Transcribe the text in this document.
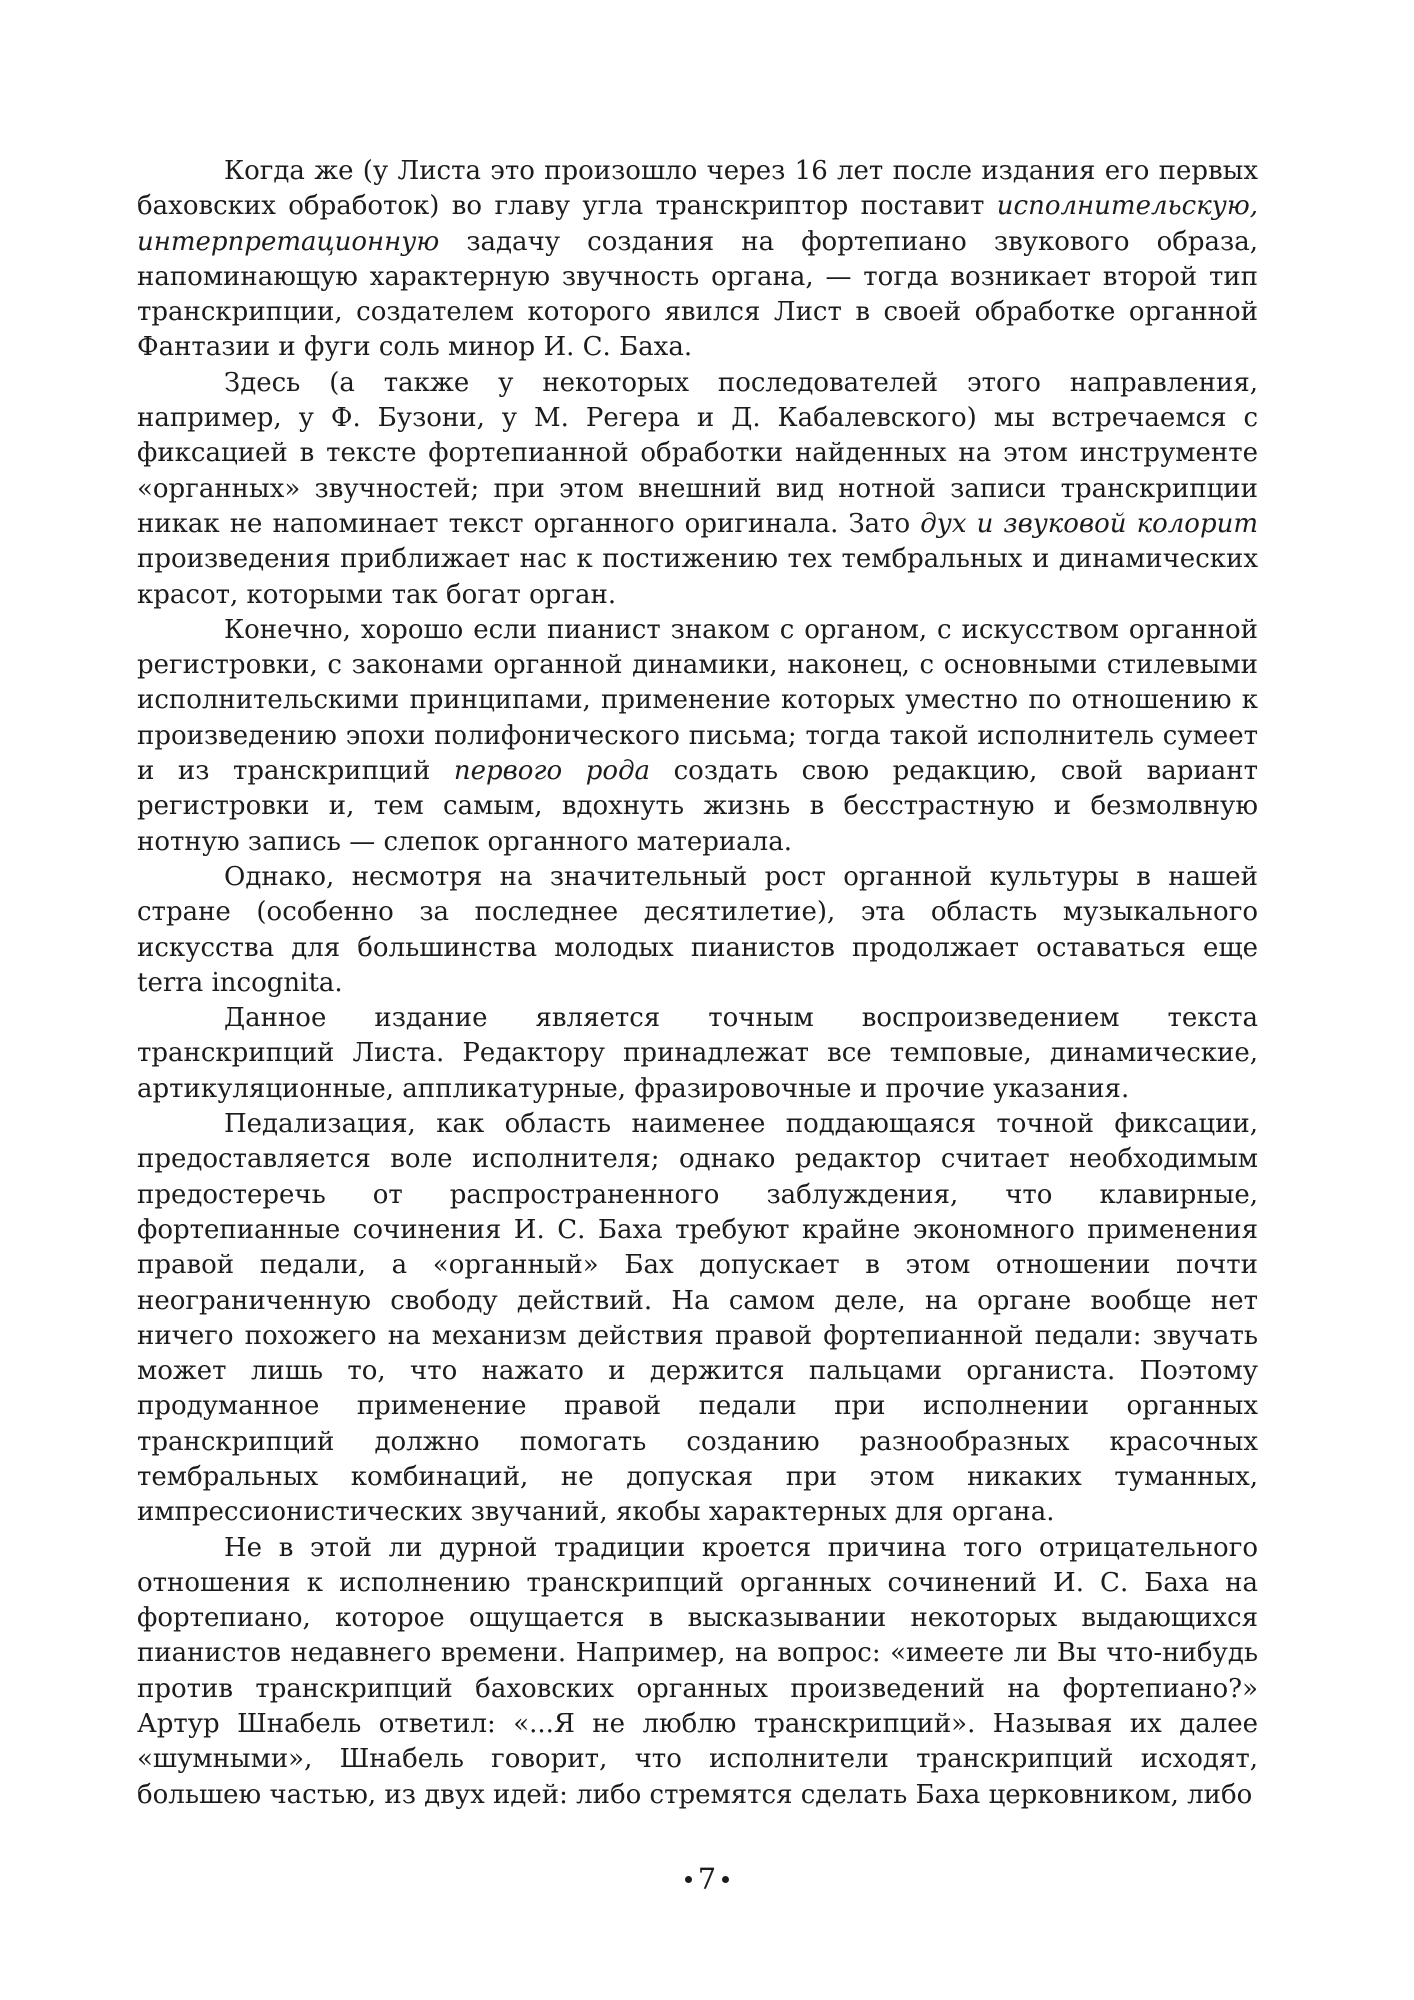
Когда же (у Листа это произошло через 16 лет после издания его первых баховских обработок) во главу угла транскриптор поставит исполнительскую, интерпретационную задачу создания на фортепиано звукового образа, напоминающую характерную звучность органа, — тогда возникает второй тип транскрипции, создателем которого явился Лист в своей обработке органной Фантазии и фуги соль минор И. С. Баха.

Здесь (а также у некоторых последователей этого направления, например, у Ф. Бузони, у М. Регера и Д. Кабалевского) мы встречаемся с фиксацией в тексте фортепианной обработки найденных на этом инструменте «органных» звучностей; при этом внешний вид нотной записи транскрипции никак не напоминает текст органного оригинала. Зато дух и звуковой колорит произведения приближает нас к постижению тех тембральных и динамических красот, которыми так богат орган.

Конечно, хорошо если пианист знаком с органом, с искусством органной регистровки, с законами органной динамики, наконец, с основными стилевыми исполнительскими принципами, применение которых уместно по отношению к произведению эпохи полифонического письма; тогда такой исполнитель сумеет и из транскрипций первого рода создать свою редакцию, свой вариант регистровки и, тем самым, вдохнуть жизнь в бесстрастную и безмолвную нотную запись — слепок органного материала.

Однако, несмотря на значительный рост органной культуры в нашей стране (особенно за последнее десятилетие), эта область музыкального искусства для большинства молодых пианистов продолжает оставаться еще terra incognita.

Данное издание является точным воспроизведением текста транскрипций Листа. Редактору принадлежат все темповые, динамические, артикуляционные, аппликатурные, фразировочные и прочие указания.

Педализация, как область наименее поддающаяся точной фиксации, предоставляется воле исполнителя; однако редактор считает необходимым предостеречь от распространенного заблуждения, что клавирные, фортепианные сочинения И. С. Баха требуют крайне экономного применения правой педали, а «органный» Бах допускает в этом отношении почти неограниченную свободу действий. На самом деле, на органе вообще нет ничего похожего на механизм действия правой фортепианной педали: звучать может лишь то, что нажато и держится пальцами органиста. Поэтому продуманное применение правой педали при исполнении органных транскрипций должно помогать созданию разнообразных красочных тембральных комбинаций, не допуская при этом никаких туманных, импрессионистических звучаний, якобы характерных для органа.

Не в этой ли дурной традиции кроется причина того отрицательного отношения к исполнению транскрипций органных сочинений И. С. Баха на фортепиано, которое ощущается в высказывании некоторых выдающихся пианистов недавнего времени. Например, на вопрос: «имеете ли Вы что-нибудь против транскрипций баховских органных произведений на фортепиано?» Артур Шнабель ответил: «...Я не люблю транскрипций». Называя их далее «шумными», Шнабель говорит, что исполнители транскрипций исходят, большею частью, из двух идей: либо стремятся сделать Баха церковником, либо

7
